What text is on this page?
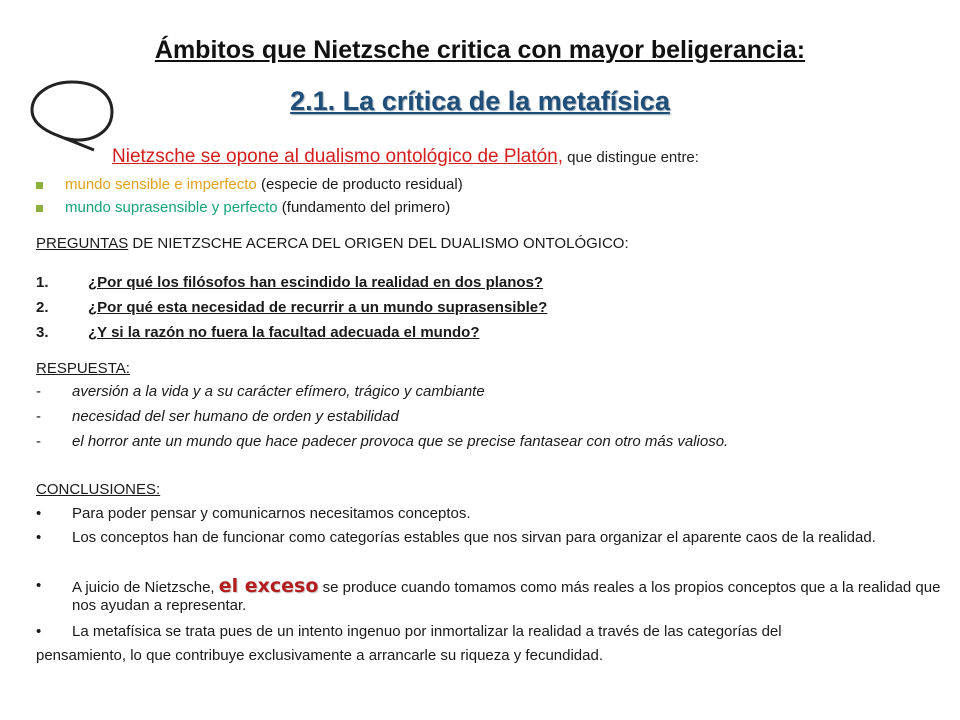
Ámbitos que Nietzsche critica con mayor beligerancia:
2.1. La crítica de la metafísica
Nietzsche se opone al dualismo ontológico de Platón, que distingue entre:
mundo sensible e imperfecto (especie de producto residual)
mundo suprasensible y perfecto (fundamento del primero)
PREGUNTAS DE NIETZSCHE ACERCA DEL ORIGEN DEL DUALISMO ONTOLÓGICO:
1.	¿Por qué los filósofos han escindido la realidad en dos planos?
2.	¿Por qué esta necesidad de recurrir a un mundo suprasensible?
3.	¿Y si la razón no fuera la facultad adecuada el mundo?
RESPUESTA:
- aversión a la vida y a su carácter efímero, trágico y cambiante
- necesidad del ser humano de orden y estabilidad
- el horror ante un mundo que hace padecer provoca que se precise fantasear con otro más valioso.
CONCLUSIONES:
• Para poder pensar y comunicarnos necesitamos conceptos.
• Los conceptos han de funcionar como categorías estables que nos sirvan para organizar el aparente caos de la realidad.
• A juicio de Nietzsche, el exceso se produce cuando tomamos como más reales a los propios conceptos que a la realidad que nos ayudan a representar.
• La metafísica se trata pues de un intento ingenuo por inmortalizar la realidad a través de las categorías del
pensamiento, lo que contribuye exclusivamente a arrancarle su riqueza y fecundidad.
